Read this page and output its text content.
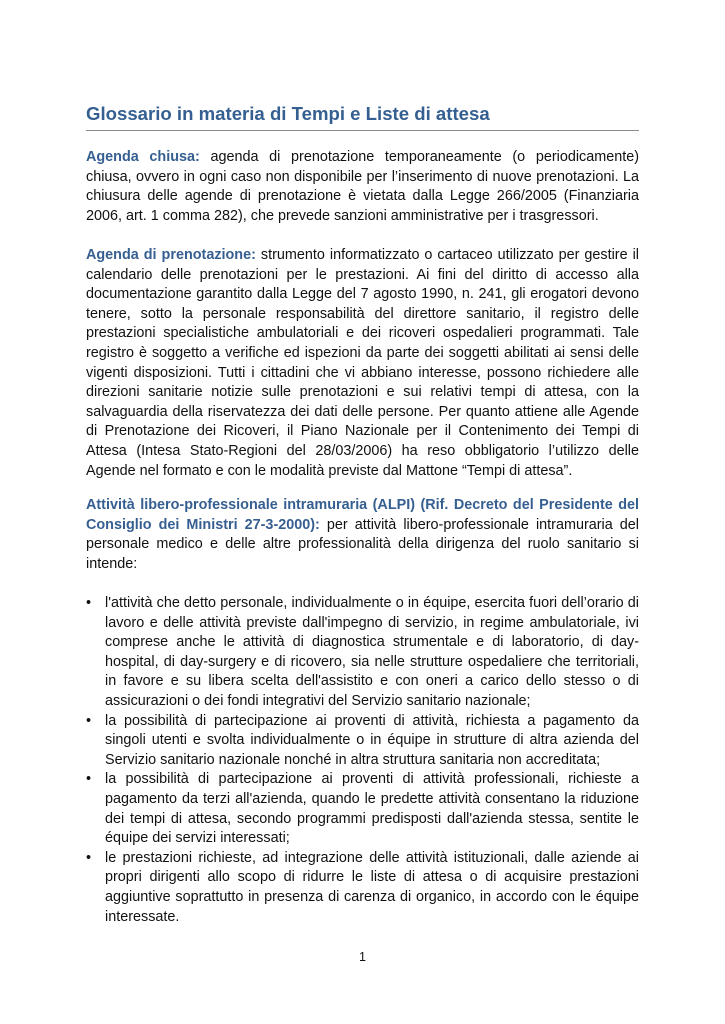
Glossario in materia di Tempi e Liste di attesa

Agenda chiusa: agenda di prenotazione temporaneamente (o periodicamente) chiusa, ovvero in ogni caso non disponibile per l’inserimento di nuove prenotazioni. La chiusura delle agende di prenotazione è vietata dalla Legge 266/2005 (Finanziaria 2006, art. 1 comma 282), che prevede sanzioni amministrative per i trasgressori.

Agenda di prenotazione: strumento informatizzato o cartaceo utilizzato per gestire il calendario delle prenotazioni per le prestazioni. Ai fini del diritto di accesso alla documentazione garantito dalla Legge del 7 agosto 1990, n. 241, gli erogatori devono tenere, sotto la personale responsabilità del direttore sanitario, il registro delle prestazioni specialistiche ambulatoriali e dei ricoveri ospedalieri programmati. Tale registro è soggetto a verifiche ed ispezioni da parte dei soggetti abilitati ai sensi delle vigenti disposizioni. Tutti i cittadini che vi abbiano interesse, possono richiedere alle direzioni sanitarie notizie sulle prenotazioni e sui relativi tempi di attesa, con la salvaguardia della riservatezza dei dati delle persone. Per quanto attiene alle Agende di Prenotazione dei Ricoveri, il Piano Nazionale per il Contenimento dei Tempi di Attesa (Intesa Stato-Regioni del 28/03/2006) ha reso obbligatorio l’utilizzo delle Agende nel formato e con le modalità previste dal Mattone “Tempi di attesa”.

Attività libero-professionale intramuraria (ALPI) (Rif. Decreto del Presidente del Consiglio dei Ministri 27-3-2000): per attività libero-professionale intramuraria del personale medico e delle altre professionalità della dirigenza del ruolo sanitario si intende:

• l'attività che detto personale, individualmente o in équipe, esercita fuori dell’orario di lavoro e delle attività previste dall'impegno di servizio, in regime ambulatoriale, ivi comprese anche le attività di diagnostica strumentale e di laboratorio, di day-hospital, di day-surgery e di ricovero, sia nelle strutture ospedaliere che territoriali, in favore e su libera scelta dell'assistito e con oneri a carico dello stesso o di assicurazioni o dei fondi integrativi del Servizio sanitario nazionale;
• la possibilità di partecipazione ai proventi di attività, richiesta a pagamento da singoli utenti e svolta individualmente o in équipe in strutture di altra azienda del Servizio sanitario nazionale nonché in altra struttura sanitaria non accreditata;
• la possibilità di partecipazione ai proventi di attività professionali, richieste a pagamento da terzi all'azienda, quando le predette attività consentano la riduzione dei tempi di attesa, secondo programmi predisposti dall'azienda stessa, sentite le équipe dei servizi interessati;
• le prestazioni richieste, ad integrazione delle attività istituzionali, dalle aziende ai propri dirigenti allo scopo di ridurre le liste di attesa o di acquisire prestazioni aggiuntive soprattutto in presenza di carenza di organico, in accordo con le équipe interessate.
1
